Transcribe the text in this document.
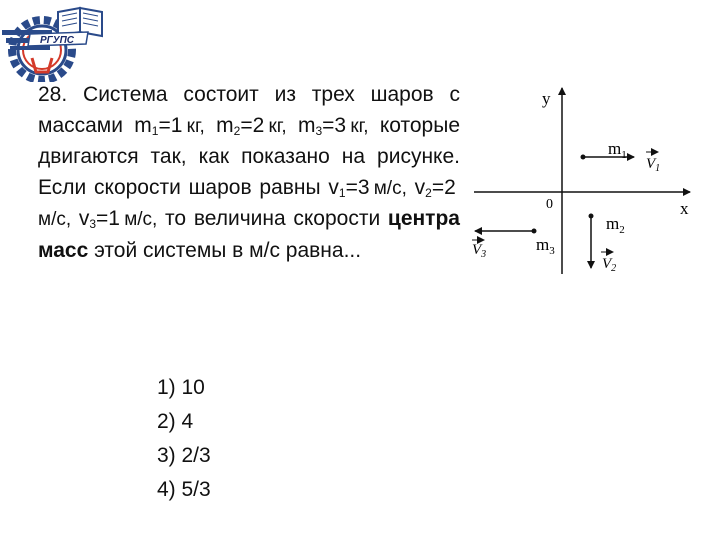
РГУПС

28. Система состоит из трех шаров с массами $m_1=1$  кг, $m_2=2$  кг, $m_3=3$  кг, которые двигаются так, как показано на рисунке. Если скорости шаров равны $v_1=3$  м/с, $v_2=2$ м/с, $v_3=1$  м/с, то величина скорости центра масс этой системы в м/с равна...

1) 10
2) 4
3) 2/3
4) 5/3
y
x
0
$m_1$
$V_1$
$m_2$
$V_2$
$m_3$
$V_3$
